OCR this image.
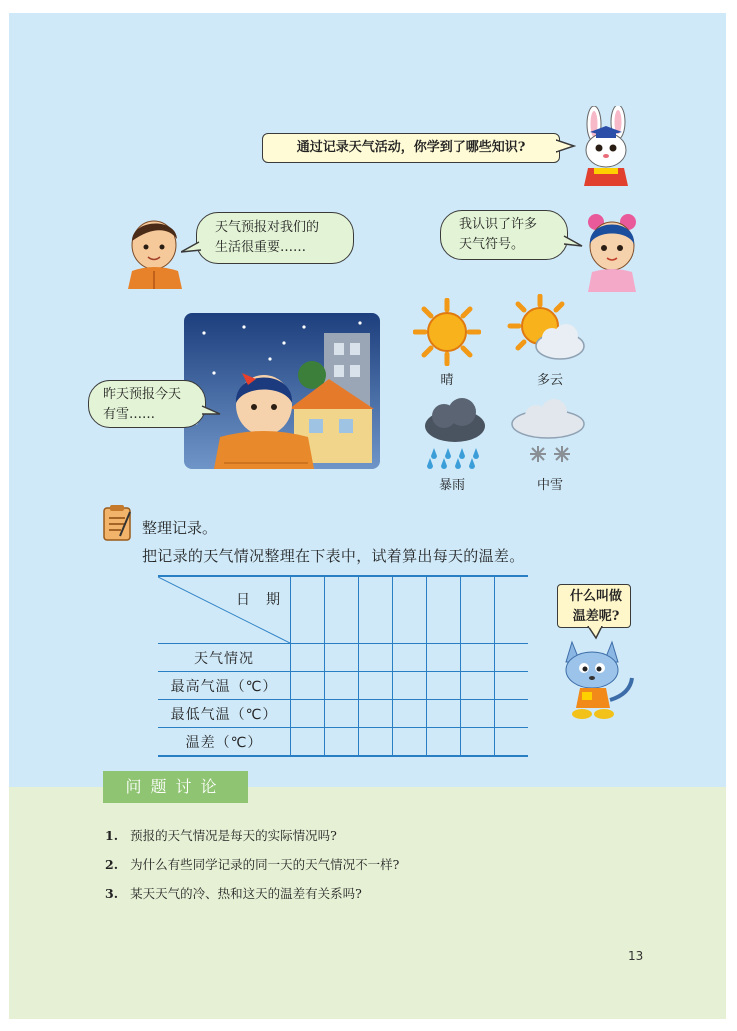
通过记录天气活动，你学到了哪些知识?
天气预报对我们的
生活很重要……
我认识了许多
天气符号。
昨天预报今天
有雪……
晴	多云
暴雨	中雪
整理记录。
把记录的天气情况整理在下表中，试着算出每天的温差。
日　期							

天气情况							
最高气温（℃）							
最低气温（℃）							
温差（℃）							
什么叫做
温差呢?
问题讨论
1. 预报的天气情况是每天的实际情况吗?
2. 为什么有些同学记录的同一天的天气情况不一样?
3. 某天天气的冷、热和这天的温差有关系吗?
13
